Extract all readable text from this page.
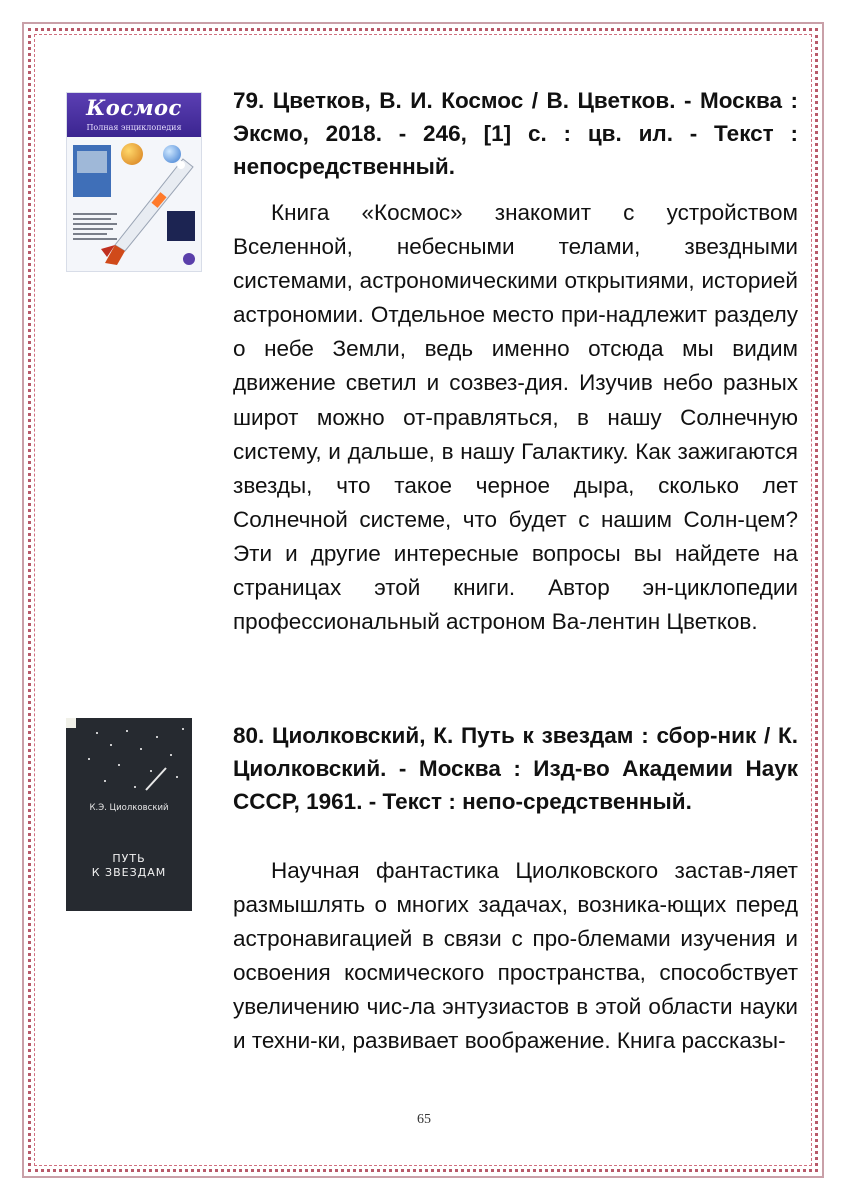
Космос
Полная энциклопедия
79. Цветков, В. И. Космос / В. Цветков. - Москва : Эксмо, 2018. - 246, [1] с. : цв. ил. - Текст : непосредственный.

Книга «Космос» знакомит с устройством Вселенной, небесными телами, звездными системами, астрономическими открытиями, историей астрономии. Отдельное место при-надлежит разделу о небе Земли, ведь именно отсюда мы видим движение светил и созвез-дия. Изучив небо разных широт можно от-правляться, в нашу Солнечную систему, и дальше, в нашу Галактику. Как зажигаются звезды, что такое черное дыра, сколько лет Солнечной системе, что будет с нашим Солн-цем? Эти и другие интересные вопросы вы найдете на страницах этой книги. Автор эн-циклопедии профессиональный астроном Ва-лентин Цветков.

К.Э. Циолковский
ПУТЬ
К ЗВЕЗДАМ
80. Циолковский, К. Путь к звездам : сбор-ник / К. Циолковский. - Москва : Изд-во Академии Наук СССР, 1961. - Текст : непо-средственный.

Научная фантастика Циолковского застав-ляет размышлять о многих задачах, возника-ющих перед астронавигацией в связи с про-блемами изучения и освоения космического пространства, способствует увеличению чис-ла энтузиастов в этой области науки и техни-ки, развивает воображение. Книга рассказы-

65
